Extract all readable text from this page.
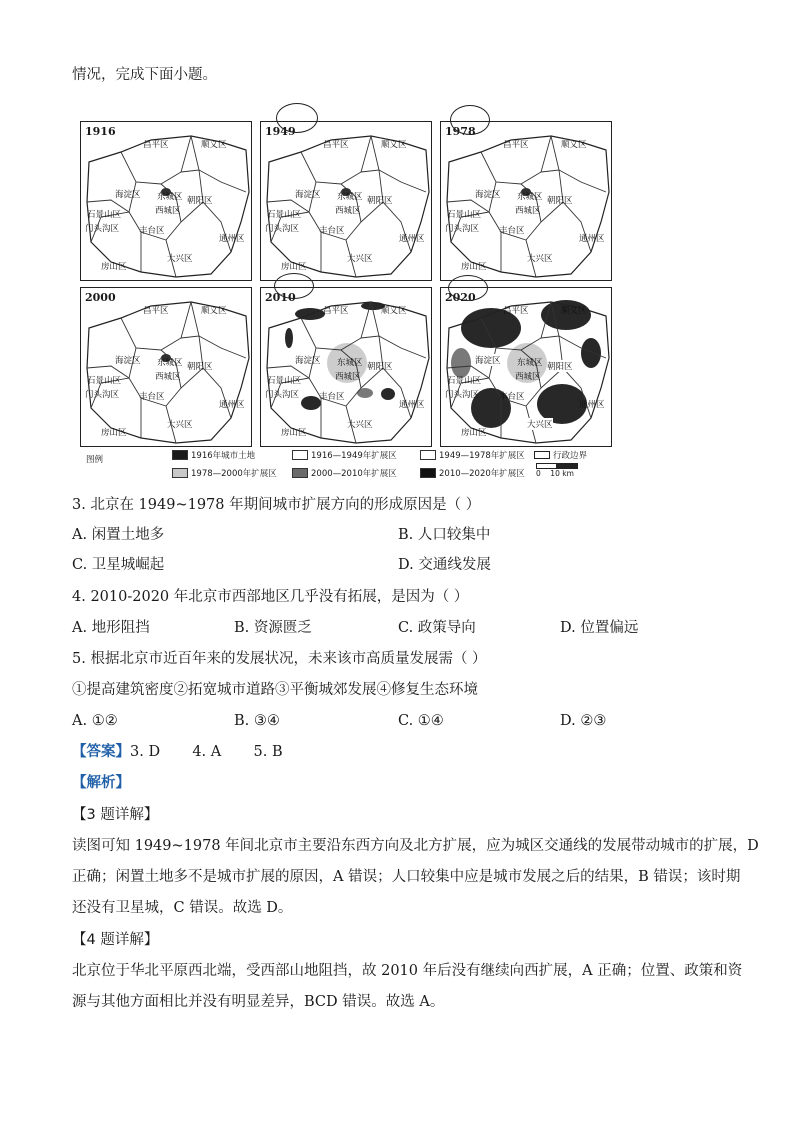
情况，完成下面小题。
2020
昌平区	顺义区
海淀区 东城区 朝阳区
石景山区	西城区
门头沟区 丰台区
通州区
大兴区
房山区
2010
昌平区	顺义区
海淀区 东城区 朝阳区
石景山区	西城区
门头沟区 丰台区
通州区
大兴区
房山区
2000
昌平区	顺义区
海淀区 东城区 朝阳区
石景山区	西城区
门头沟区 丰台区
通州区
大兴区
房山区
1978
昌平区	顺义区
海淀区 东城区 朝阳区
石景山区	西城区
门头沟区 丰台区
通州区
大兴区
房山区
1949
昌平区	顺义区
海淀区 东城区 朝阳区
石景山区	西城区
门头沟区 丰台区
通州区
大兴区
房山区
1916
昌平区	顺义区
海淀区 东城区 朝阳区
石景山区	西城区
门头沟区 丰台区
通州区
大兴区
房山区
图例	1916年城市土地	1916—1949年扩展区	1949—1978年扩展区	行政边界
1978—2000年扩展区	2000—2010年扩展区	2010—2020年扩展区 0    10 km
3. 北京在 1949~1978 年期间城市扩展方向的形成原因是（ ）
A. 闲置土地多	B. 人口较集中
C. 卫星城崛起	D. 交通线发展
4. 2010-2020 年北京市西部地区几乎没有拓展，是因为（ ）
A. 地形阻挡	B. 资源匮乏	C. 政策导向	D. 位置偏远
5. 根据北京市近百年来的发展状况，未来该市高质量发展需（ ）
①提高建筑密度②拓宽城市道路③平衡城郊发展④修复生态环境
A. ①②	B. ③④	C. ①④	D. ②③
【答案】3. D       4. A       5. B
【解析】
【3 题详解】
读图可知 1949~1978 年间北京市主要沿东西方向及北方扩展，应为城区交通线的发展带动城市的扩展，D
正确；闲置土地多不是城市扩展的原因，A 错误；人口较集中应是城市发展之后的结果，B 错误；该时期
还没有卫星城，C 错误。故选 D。
【4 题详解】
北京位于华北平原西北端，受西部山地阻挡，故 2010 年后没有继续向西扩展，A 正确；位置、政策和资
源与其他方面相比并没有明显差异，BCD 错误。故选 A。
